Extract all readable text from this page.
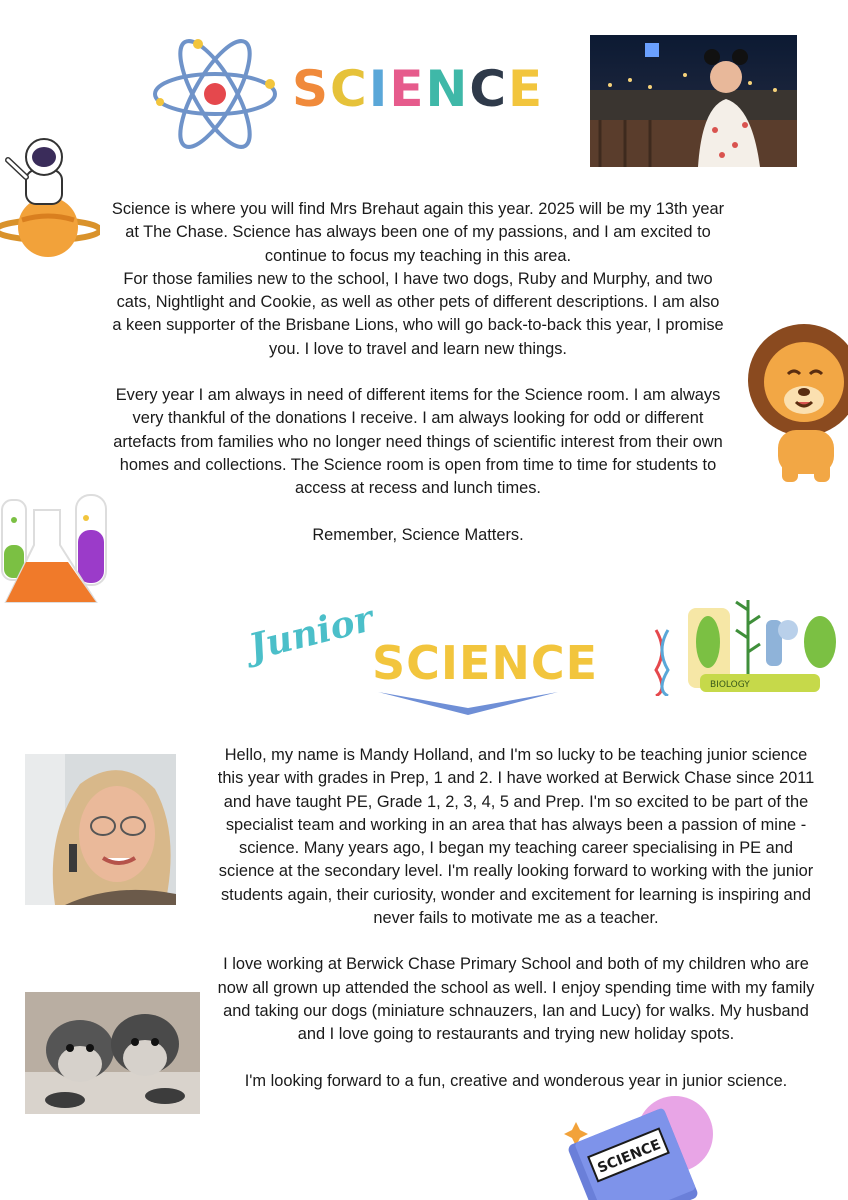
SCIENCE

Science is where you will find Mrs Brehaut again this year. 2025 will be my 13th year at The Chase. Science has always been one of my passions, and I am excited to continue to focus my teaching in this area.

For those families new to the school, I have two dogs, Ruby and Murphy, and two cats, Nightlight and Cookie, as well as other pets of different descriptions. I am also a keen supporter of the Brisbane Lions, who will go back-to-back this year, I promise you. I love to travel and learn new things.

Every year I am always in need of different items for the Science room. I am always very thankful of the donations I receive. I am always looking for odd or different artefacts from families who no longer need things of scientific interest from their own homes and collections. The Science room is open from time to time for students to access at recess and lunch times.

Remember, Science Matters.

Junior
SCIENCE	BIOLOGY

Hello, my name is Mandy Holland, and I'm so lucky to be teaching junior science this year with grades in Prep, 1 and 2. I have worked at Berwick Chase since 2011 and have taught PE, Grade 1, 2, 3, 4, 5 and Prep. I'm so excited to be part of the specialist team and working in an area that has always been a passion of mine - science. Many years ago, I began my teaching career specialising in PE and science at the secondary level. I'm really looking forward to working with the junior students again, their curiosity, wonder and excitement for learning is inspiring and never fails to motivate me as a teacher.

I love working at Berwick Chase Primary School and both of my children who are now all grown up attended the school as well. I enjoy spending time with my family and taking our dogs (miniature schnauzers, Ian and Lucy) for walks. My husband and I love going to restaurants and trying new holiday spots.

I'm looking forward to a fun, creative and wonderous year in junior science.

SCIENCE
